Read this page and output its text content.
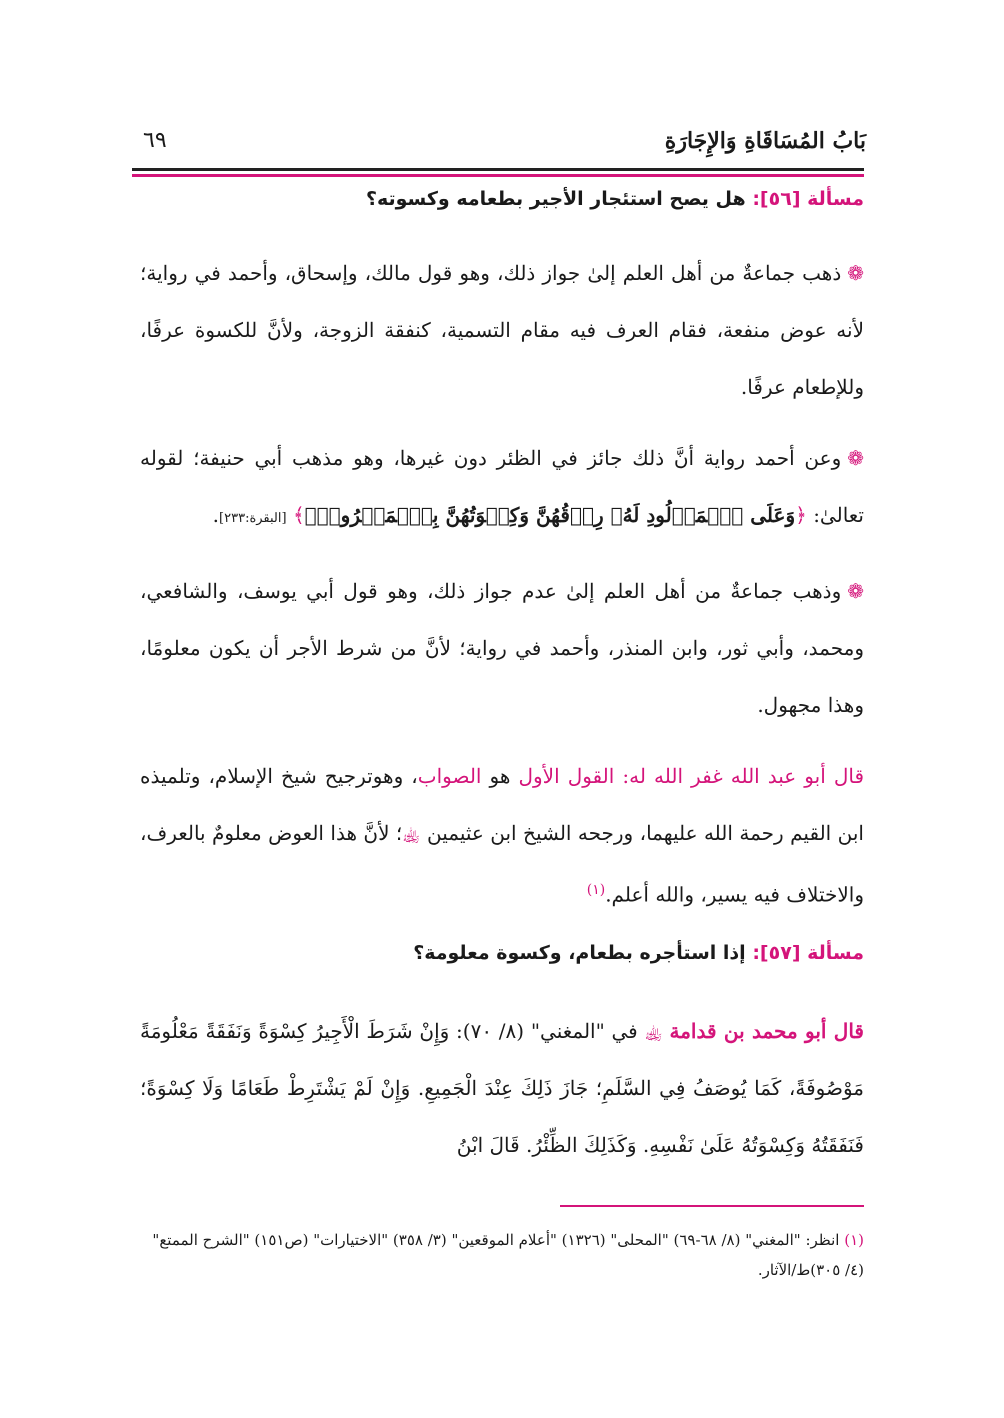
بَابُ المُسَاقَاةِ وَالإِجَارَةِ
٦٩
مسألة [٥٦]: هل يصح استئجار الأجير بطعامه وكسوته؟
❁ذهب جماعةٌ من أهل العلم إلىٰ جواز ذلك، وهو قول مالك، وإسحاق، وأحمد في رواية؛ لأنه عوض منفعة، فقام العرف فيه مقام التسمية، كنفقة الزوجة، ولأنَّ للكسوة عرفًا، وللإطعام عرفًا.
❁وعن أحمد رواية أنَّ ذلك جائز في الظئر دون غيرها، وهو مذهب أبي حنيفة؛ لقوله تعالىٰ: ﴿وَعَلَى ٱلۡمَوۡلُودِ لَهُۥ رِزۡقُهُنَّ وَكِسۡوَتُهُنَّ بِٱلۡمَعۡرُوفِۚ﴾ [البقرة:٢٣٣].
❁وذهب جماعةٌ من أهل العلم إلىٰ عدم جواز ذلك، وهو قول أبي يوسف، والشافعي، ومحمد، وأبي ثور، وابن المنذر، وأحمد في رواية؛ لأنَّ من شرط الأجر أن يكون معلومًا، وهذا مجهول.
قال أبو عبد الله غفر الله له: القول الأول هو الصواب، وهوترجيح شيخ الإسلام، وتلميذه ابن القيم رحمة الله عليهما، ورجحه الشيخ ابن عثيمين ﵀؛ لأنَّ هذا العوض معلومٌ بالعرف، والاختلاف فيه يسير، والله أعلم.$^{(١)}$
مسألة [٥٧]: إذا استأجره بطعام، وكسوة معلومة؟
قال أبو محمد بن قدامة ﵀ في "المغني" (٨/ ٧٠): وَإِنْ شَرَطَ الْأَجِيرُ كِسْوَةً وَنَفَقَةً مَعْلُومَةً مَوْصُوفَةً، كَمَا يُوصَفُ فِي السَّلَمِ؛ جَازَ ذَلِكَ عِنْدَ الْجَمِيعِ. وَإِنْ لَمْ يَشْتَرِطْ طَعَامًا وَلَا كِسْوَةً؛ فَنَفَقَتُهُ وَكِسْوَتُهُ عَلَىٰ نَفْسِهِ. وَكَذَلِكَ الظِّئْرُ. قَالَ ابْنُ
(١) انظر: "المغني" (٨/ ٦٨-٦٩) "المحلى" (١٣٢٦) "أعلام الموقعين" (٣/ ٣٥٨) "الاختيارات" (ص١٥١) "الشرح الممتع" (٤/ ٣٠٥)ط/الآثار.
